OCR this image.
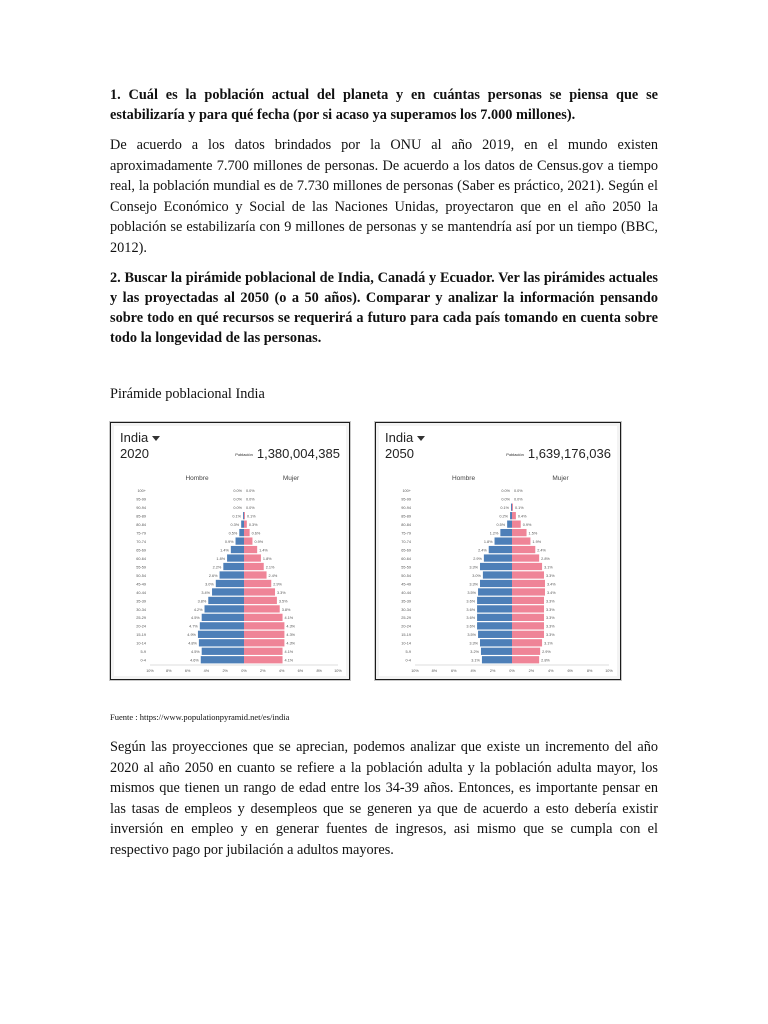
1. Cuál es la población actual del planeta y en cuántas personas se piensa que se estabilizaría y para qué fecha (por si acaso ya superamos los 7.000 millones).

De acuerdo a los datos brindados por la ONU al año 2019, en el mundo existen aproximadamente 7.700 millones de personas. De acuerdo a los datos de Census.gov a tiempo real, la población mundial es de 7.730 millones de personas (Saber es práctico, 2021). Según el Consejo Económico y Social de las Naciones Unidas, proyectaron que en el año 2050 la población se estabilizaría con 9 millones de personas y se mantendría así por un tiempo (BBC, 2012).

2. Buscar la pirámide poblacional de India, Canadá y Ecuador. Ver las pirámides actuales y las proyectadas al 2050 (o a 50 años). Comparar y analizar la información pensando sobre todo en qué recursos se requerirá a futuro para cada país tomando en cuenta sobre todo la longevidad de las personas.

Pirámide poblacional India

India
2020	Población 1,380,004,385
Hombre	Mujer
0-4	4.6%	4.1%
5-9	4.5%	4.1%
10-14	4.8%	4.3%
15-19	4.9%	4.3%
20-24	4.7%	4.3%
25-29	4.5%	4.1%
30-34	4.2%	3.8%
35-39	3.8%	3.5%
40-44	3.4%	3.3%
45-49	3.0%	2.9%
50-54	2.6%	2.4%
55-59	2.2%	2.1%
60-64	1.8%	1.8%
65-69	1.4%	1.4%
70-74	0.9%	0.9%
75-79	0.5%	0.6%
80-84	0.3%	0.3%
85-89	0.1% 0.1%
90-94	0.0% 0.0%
95-99	0.0% 0.0%
100+	0.0% 0.0%
10%	8%	6%	4%	2%	0%	2%	4%	6%	8%	10%
India
2050	Población 1,639,176,036
Hombre	Mujer
0-4	3.1%	2.8%
5-9	3.2%	2.9%
10-14	3.3%	3.1%
15-19	3.5%	3.3%
20-24	3.6%	3.3%
25-29	3.6%	3.3%
30-34	3.6%	3.3%
35-39	3.6%	3.3%
40-44	3.5%	3.4%
45-49	3.3%	3.4%
50-54	3.0%	3.3%
55-59	3.3%	3.1%
60-64	2.9%	2.8%
65-69	2.4%	2.4%
70-74	1.8%	1.9%
75-79	1.2%	1.5%
80-84	0.5%	0.9%
85-89	0.2%	0.4%
90-94	0.1% 0.1%
95-99	0.0% 0.0%
100+	0.0% 0.0%
10%	8%	6%	4%	2%	0%	2%	4%	6%	8%	10%

Fuente : https://www.populationpyramid.net/es/india

Según las proyecciones que se aprecian, podemos analizar que existe un incremento del año 2020 al año 2050 en cuanto se refiere a la población adulta y la población adulta mayor, los mismos que tienen un rango de edad entre los 34-39 años. Entonces, es importante pensar en las tasas de empleos y desempleos que se generen ya que de acuerdo a esto debería existir inversión en empleo y en generar fuentes de ingresos, asi mismo que se cumpla con el respectivo pago por jubilación a adultos mayores.
